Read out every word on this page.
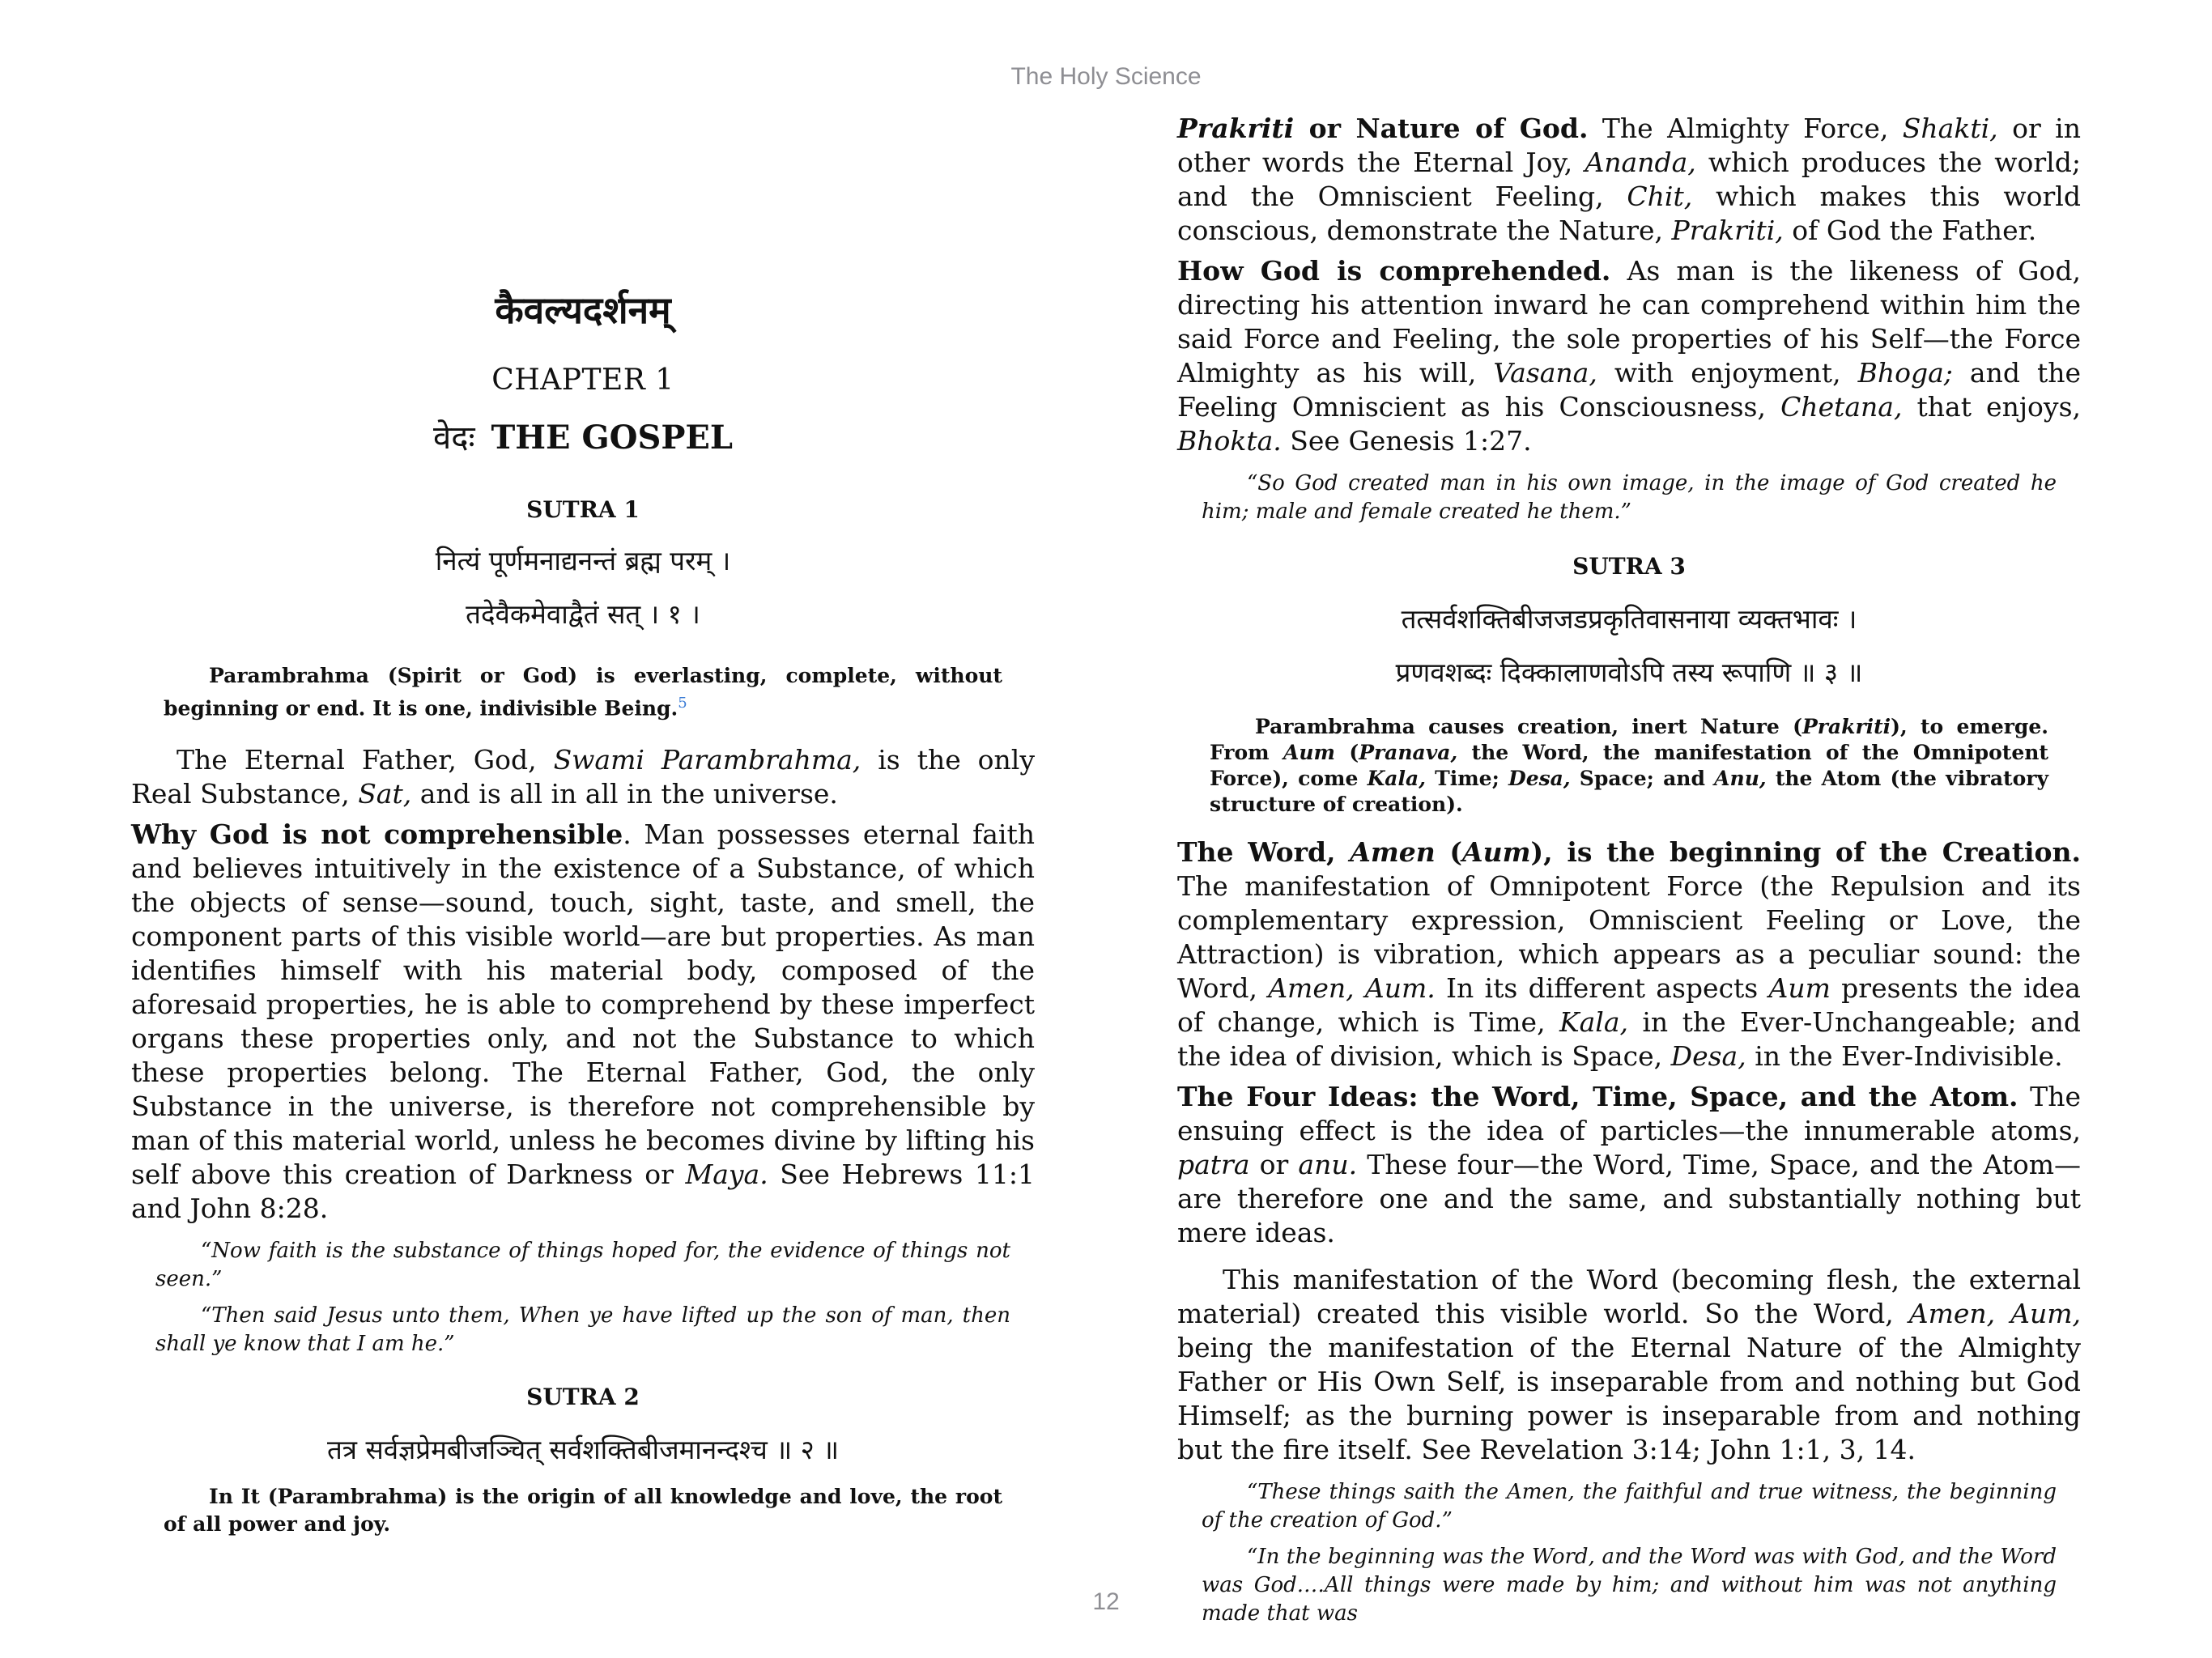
The Holy Science
कैवल्यदर्शनम्
CHAPTER 1
वेदः THE GOSPEL
SUTRA 1
नित्यं पूर्णमनाद्यनन्तं ब्रह्म परम् ।
तदेवैकमेवाद्वैतं सत् । १ ।
Parambrahma (Spirit or God) is everlasting, complete, without beginning or end. It is one, indivisible Being.$^5$

The Eternal Father, God, Swami Parambrahma, is the only Real Substance, Sat, and is all in all in the universe.

Why God is not comprehensible. Man possesses eternal faith and believes intuitively in the existence of a Substance, of which the objects of sense—sound, touch, sight, taste, and smell, the component parts of this visible world—are but properties. As man identifies himself with his material body, composed of the aforesaid properties, he is able to comprehend by these imperfect organs these properties only, and not the Substance to which these properties belong. The Eternal Father, God, the only Substance in the universe, is therefore not comprehensible by man of this material world, unless he becomes divine by lifting his self above this creation of Darkness or Maya. See Hebrews 11:1 and John 8:28.

“Now faith is the substance of things hoped for, the evidence of things not seen.”
“Then said Jesus unto them, When ye have lifted up the son of man, then shall ye know that I am he.”
SUTRA 2
तत्र सर्वज्ञप्रेमबीजञ्चित् सर्वशक्तिबीजमानन्दश्च ॥ २ ॥
In It (Parambrahma) is the origin of all knowledge and love, the root of all power and joy.

Prakriti or Nature of God. The Almighty Force, Shakti, or in other words the Eternal Joy, Ananda, which produces the world; and the Omniscient Feeling, Chit, which makes this world conscious, demonstrate the Nature, Prakriti, of God the Father.

How God is comprehended. As man is the likeness of God, directing his attention inward he can comprehend within him the said Force and Feeling, the sole properties of his Self—the Force Almighty as his will, Vasana, with enjoyment, Bhoga; and the Feeling Omniscient as his Consciousness, Chetana, that enjoys, Bhokta. See Genesis 1:27.

“So God created man in his own image, in the image of God created he him; male and female created he them.”
SUTRA 3
तत्सर्वशक्तिबीजजडप्रकृतिवासनाया व्यक्तभावः ।
प्रणवशब्दः दिक्कालाणवोऽपि तस्य रूपाणि ॥ ३ ॥
Parambrahma causes creation, inert Nature (Prakriti), to emerge. From Aum (Pranava, the Word, the manifestation of the Omnipotent Force), come Kala, Time; Desa, Space; and Anu, the Atom (the vibratory structure of creation).

The Word, Amen (Aum), is the beginning of the Creation. The manifestation of Omnipotent Force (the Repulsion and its complementary expression, Omniscient Feeling or Love, the Attraction) is vibration, which appears as a peculiar sound: the Word, Amen, Aum. In its different aspects Aum presents the idea of change, which is Time, Kala, in the Ever-Unchangeable; and the idea of division, which is Space, Desa, in the Ever-Indivisible.

The Four Ideas: the Word, Time, Space, and the Atom. The ensuing effect is the idea of particles—the innumerable atoms, patra or anu. These four—the Word, Time, Space, and the Atom—are therefore one and the same, and substantially nothing but mere ideas.

This manifestation of the Word (becoming flesh, the external material) created this visible world. So the Word, Amen, Aum, being the manifestation of the Eternal Nature of the Almighty Father or His Own Self, is inseparable from and nothing but God Himself; as the burning power is inseparable from and nothing but the fire itself. See Revelation 3:14; John 1:1, 3, 14.

“These things saith the Amen, the faithful and true witness, the beginning of the creation of God.”
“In the beginning was the Word, and the Word was with God, and the Word was God.…All things were made by him; and without him was not anything made that was
12
